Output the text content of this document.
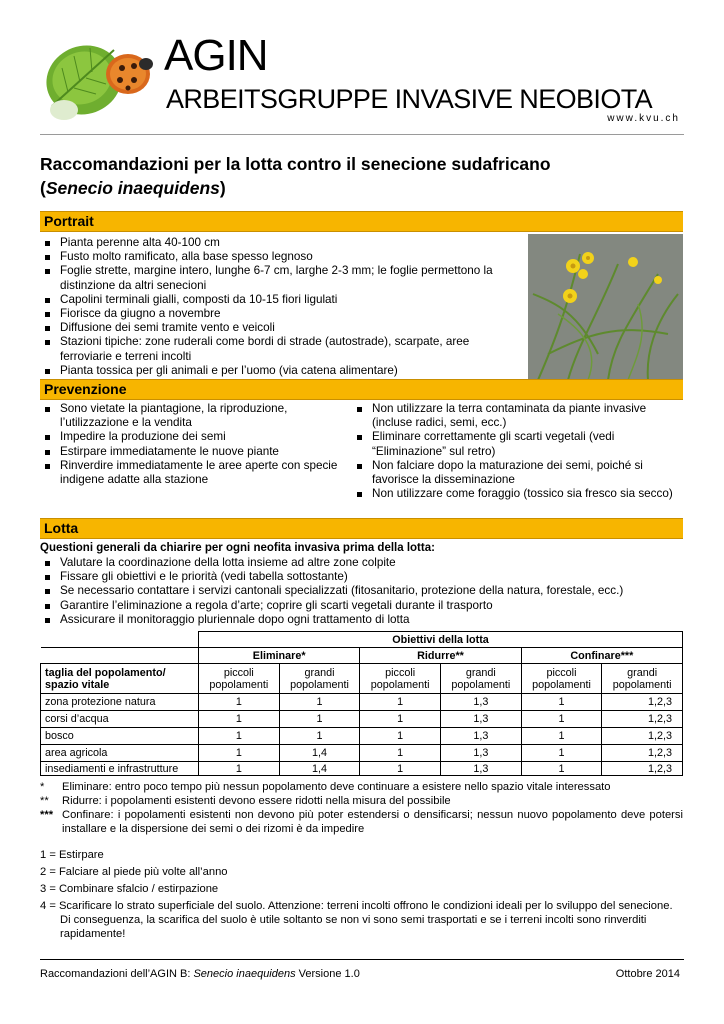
AGIN
ARBEITSGRUPPE INVASIVE NEOBIOTA
www.kvu.ch
Raccomandazioni per la lotta contro il senecione sudafricano
(Senecio inaequidens)
Portrait
Pianta perenne alta 40-100 cm
Fusto molto ramificato, alla base spesso legnoso
Foglie strette, margine intero, lunghe 6-7 cm, larghe 2-3 mm; le foglie permettono la distinzione da altri senecioni
Capolini terminali gialli, composti da 10-15 fiori ligulati
Fiorisce da giugno a novembre
Diffusione dei semi tramite vento e veicoli
Stazioni tipiche: zone ruderali come bordi di strade (autostrade), scarpate, aree ferroviarie e terreni incolti
Pianta tossica per gli animali e per l’uomo (via catena alimentare)
Prevenzione
Sono vietate la piantagione, la riproduzione, l’utilizzazione e la vendita
Impedire la produzione dei semi
Estirpare immediatamente le nuove piante
Rinverdire immediatamente le aree aperte con specie indigene adatte alla stazione
Non utilizzare la terra contaminata da piante invasive (incluse radici, semi, ecc.)
Eliminare correttamente gli scarti vegetali (vedi “Eliminazione” sul retro)
Non falciare dopo la maturazione dei semi, poiché si favorisce la disseminazione
Non utilizzare come foraggio (tossico sia fresco sia secco)
Lotta
Questioni generali da chiarire per ogni neofita invasiva prima della lotta:
Valutare la coordinazione della lotta insieme ad altre zone colpite
Fissare gli obiettivi e le priorità (vedi tabella sottostante)
Se necessario contattare i servizi cantonali specializzati (fitosanitario, protezione della natura, forestale, ecc.)
Garantire l’eliminazione a regola d’arte; coprire gli scarti vegetali durante il trasporto
Assicurare il monitoraggio pluriennale dopo ogni trattamento di lotta
	Obiettivi della lotta					
	Eliminare*		Ridurre**		Confinare***	
taglia del popolamento/ spazio vitale	piccoli popolamenti	grandi popolamenti	piccoli popolamenti	grandi popolamenti	piccoli popolamenti	grandi popolamenti
zona protezione natura	1	1	1	1,3	1	1,2,3
corsi d’acqua	1	1	1	1,3	1	1,2,3
bosco	1	1	1	1,3	1	1,2,3
area agricola	1	1,4	1	1,3	1	1,2,3
insediamenti e infrastrutture	1	1,4	1	1,3	1	1,2,3
*	Eliminare: entro poco tempo più nessun popolamento deve continuare a esistere nello spazio vitale interessato
**	Ridurre: i popolamenti esistenti devono essere ridotti nella misura del possibile
*** Confinare: i popolamenti esistenti non devono più poter estendersi o densificarsi; nessun nuovo popolamento deve potersi installare e la dispersione dei semi o dei rizomi è da impedire
1 = Estirpare
2 = Falciare al piede più volte all’anno
3 = Combinare sfalcio / estirpazione
4 = Scarificare lo strato superficiale del suolo. Attenzione: terreni incolti offrono le condizioni ideali per lo sviluppo del senecione. Di conseguenza, la scarifica del suolo è utile soltanto se non vi sono semi trasportati e se i terreni incolti sono rinverditi rapidamente!
Raccomandazioni dell’AGIN B: Senecio inaequidens Versione 1.0	Ottobre 2014
